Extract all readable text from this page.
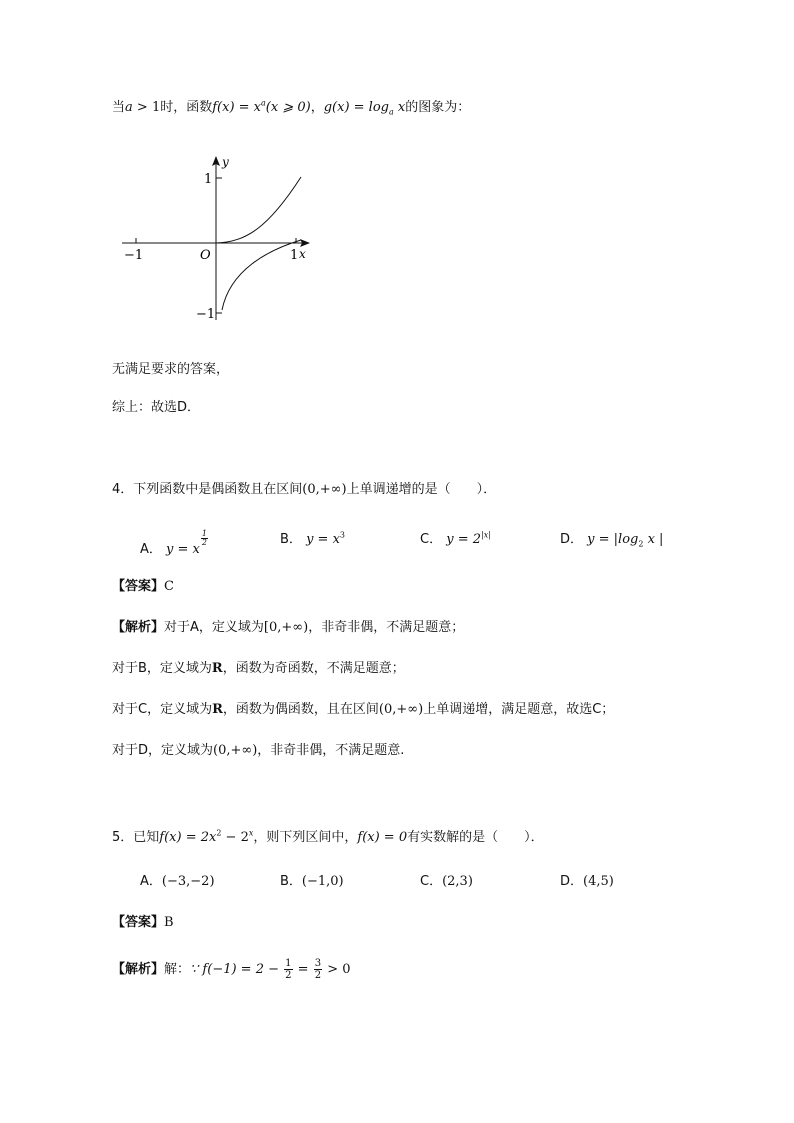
当a > 1时，函数$f(x) = x^a(x$ ⩾ 0)，$g(x) = \log_a x$的图象为：
y
x
O
1
−1
−1	1
无满足要求的答案，
综上：故选D．
4．下列函数中是偶函数且在区间(0,+∞)上单调递增的是（　　）．
A． y = x
$\frac{1}{2}$	B． $y = x^3$	C． $y = 2^{|x|}$	D． $y = |\log_2$ x |
【答案】C
【解析】对于A，定义域为[0,+∞)，非奇非偶，不满足题意；
对于B，定义域为R，函数为奇函数，不满足题意；
对于C，定义域为R，函数为偶函数，且在区间(0,+∞)上单调递增，满足题意，故选C；
对于D，定义域为(0,+∞)，非奇非偶，不满足题意.
5．已知$f(x) = 2x^2 - 2^x$，则下列区间中，f(x) = 0有实数解的是（　　）．
A．(−3,−2)	B．(−1,0)	C．(2,3)	D．(4,5)
【答案】B
【解析】解：∵ $f(-1) = 2 - \frac{1}{2} = \frac{3}{2} > 0$
